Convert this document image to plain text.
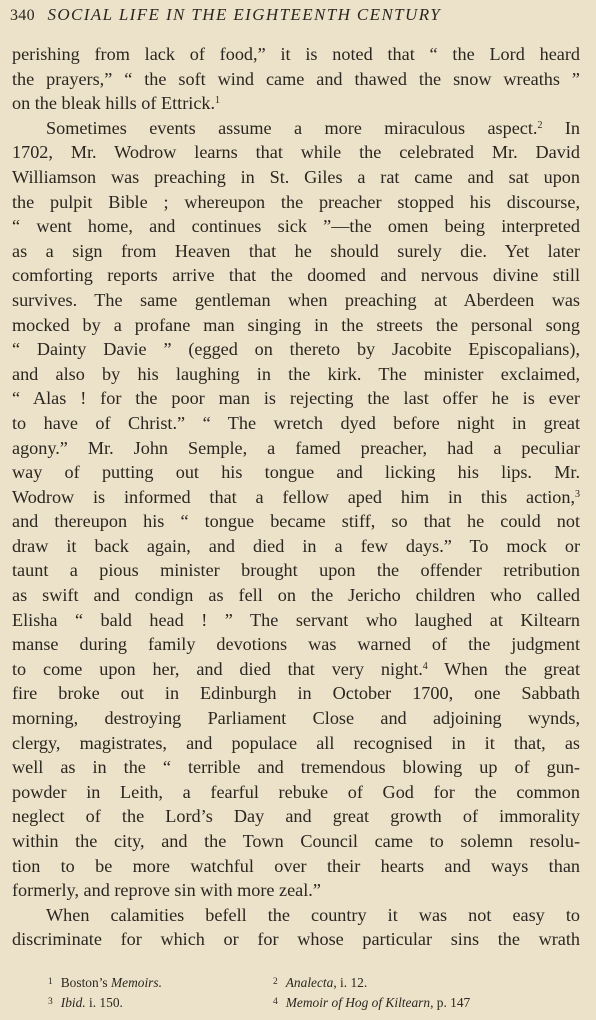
340 SOCIAL LIFE IN THE EIGHTEENTH CENTURY
perishing from lack of food,” it is noted that “ the Lord heard
the prayers,” “ the soft wind came and thawed the snow wreaths ”
on the bleak hills of Ettrick.$^1$
Sometimes events assume a more miraculous aspect.$^2$ In
1702, Mr. Wodrow learns that while the celebrated Mr. David
Williamson was preaching in St. Giles a rat came and sat upon
the pulpit Bible ; whereupon the preacher stopped his discourse,
“ went home, and continues sick ”—the omen being interpreted
as a sign from Heaven that he should surely die. Yet later
comforting reports arrive that the doomed and nervous divine still
survives. The same gentleman when preaching at Aberdeen was
mocked by a profane man singing in the streets the personal song
“ Dainty Davie ” (egged on thereto by Jacobite Episcopalians),
and also by his laughing in the kirk. The minister exclaimed,
“ Alas ! for the poor man is rejecting the last offer he is ever
to have of Christ.” “ The wretch dyed before night in great
agony.” Mr. John Semple, a famed preacher, had a peculiar
way of putting out his tongue and licking his lips. Mr.
Wodrow is informed that a fellow aped him in this action,$^3$
and thereupon his “ tongue became stiff, so that he could not
draw it back again, and died in a few days.” To mock or
taunt a pious minister brought upon the offender retribution
as swift and condign as fell on the Jericho children who called
Elisha “ bald head ! ” The servant who laughed at Kiltearn
manse during family devotions was warned of the judgment
to come upon her, and died that very night.$^4$ When the great
fire broke out in Edinburgh in October 1700, one Sabbath
morning, destroying Parliament Close and adjoining wynds,
clergy, magistrates, and populace all recognised in it that, as
well as in the “ terrible and tremendous blowing up of gun-
powder in Leith, a fearful rebuke of God for the common
neglect of the Lord’s Day and great growth of immorality
within the city, and the Town Council came to solemn resolu-
tion to be more watchful over their hearts and ways than
formerly, and reprove sin with more zeal.”
When calamities befell the country it was not easy to
discriminate for which or for whose particular sins the wrath
$^1$ Boston’s Memoirs.	$^2$ Analecta, i. 12.
$^3$ Ibid. i. 150.	$^4$ Memoir of Hog of Kiltearn, p. 147
